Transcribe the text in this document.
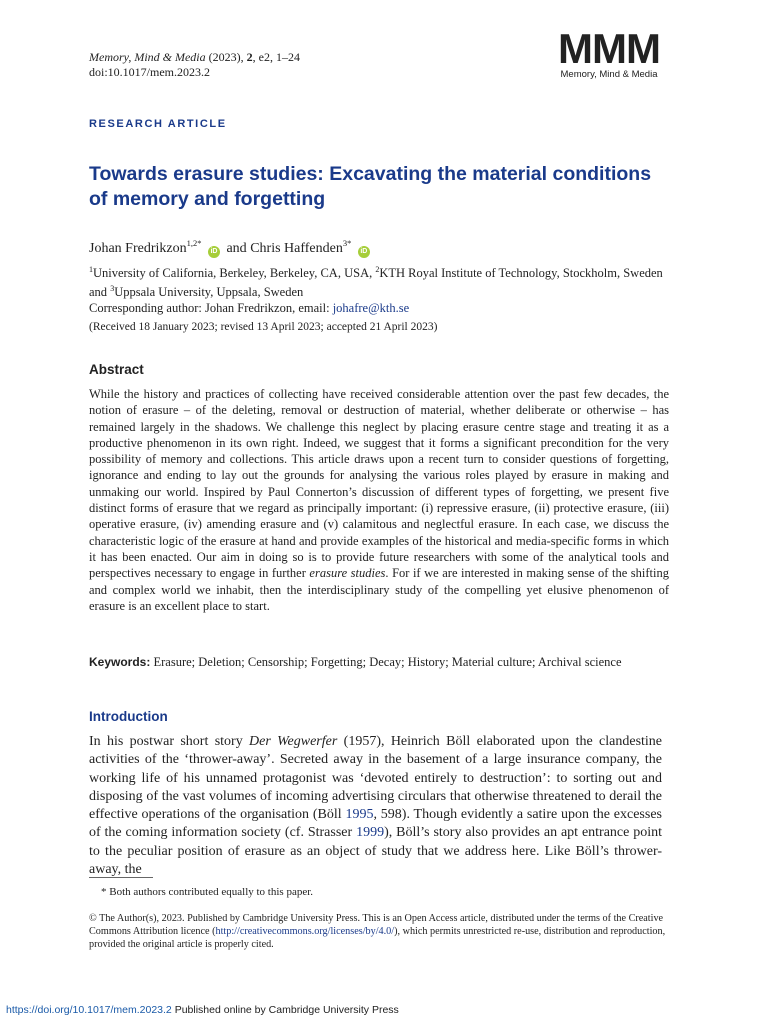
Memory, Mind & Media (2023), 2, e2, 1–24
doi:10.1017/mem.2023.2	MMM
Memory, Mind & Media
RESEARCH ARTICLE
Towards erasure studies: Excavating the material conditions of memory and forgetting
Johan Fredrikzon$^{1,2*}$ iD and Chris Haffenden$^{3*}$ iD
$^1$University of California, Berkeley, Berkeley, CA, USA, $^2$KTH Royal Institute of Technology, Stockholm, Sweden and $^3$Uppsala University, Uppsala, Sweden
Corresponding author: Johan Fredrikzon, email: johafre@kth.se
(Received 18 January 2023; revised 13 April 2023; accepted 21 April 2023)
Abstract

While the history and practices of collecting have received considerable attention over the past few decades, the notion of erasure – of the deleting, removal or destruction of material, whether deliberate or otherwise – has remained largely in the shadows. We challenge this neglect by placing erasure centre stage and treating it as a productive phenomenon in its own right. Indeed, we suggest that it forms a significant precondition for the very possibility of memory and collections. This article draws upon a recent turn to consider questions of forgetting, ignorance and ending to lay out the grounds for analysing the various roles played by erasure in making and unmaking our world. Inspired by Paul Connerton’s discussion of different types of forgetting, we present five distinct forms of erasure that we regard as principally important: (i) repressive erasure, (ii) protective erasure, (iii) operative erasure, (iv) amending erasure and (v) calamitous and neglectful erasure. In each case, we discuss the characteristic logic of the erasure at hand and provide examples of the historical and media-specific forms in which it has been enacted. Our aim in doing so is to provide future researchers with some of the analytical tools and perspectives necessary to engage in further erasure studies. For if we are interested in making sense of the shifting and complex world we inhabit, then the interdisciplinary study of the compelling yet elusive phenomenon of erasure is an excellent place to start.

Keywords: Erasure; Deletion; Censorship; Forgetting; Decay; History; Material culture; Archival science

Introduction

In his postwar short story Der Wegwerfer (1957), Heinrich Böll elaborated upon the clandestine activities of the ‘thrower-away’. Secreted away in the basement of a large insurance company, the working life of his unnamed protagonist was ‘devoted entirely to destruction’: to sorting out and disposing of the vast volumes of incoming advertising circulars that otherwise threatened to derail the effective operations of the organisation (Böll 1995, 598). Though evidently a satire upon the excesses of the coming information society (cf. Strasser 1999), Böll’s story also provides an apt entrance point to the peculiar position of erasure as an object of study that we address here. Like Böll’s thrower-away, the

* Both authors contributed equally to this paper.
© The Author(s), 2023. Published by Cambridge University Press. This is an Open Access article, distributed under the terms of the Creative Commons Attribution licence (http://creativecommons.org/licenses/by/4.0/), which permits unrestricted re-use, distribution and reproduction, provided the original article is properly cited.
https://doi.org/10.1017/mem.2023.2 Published online by Cambridge University Press
